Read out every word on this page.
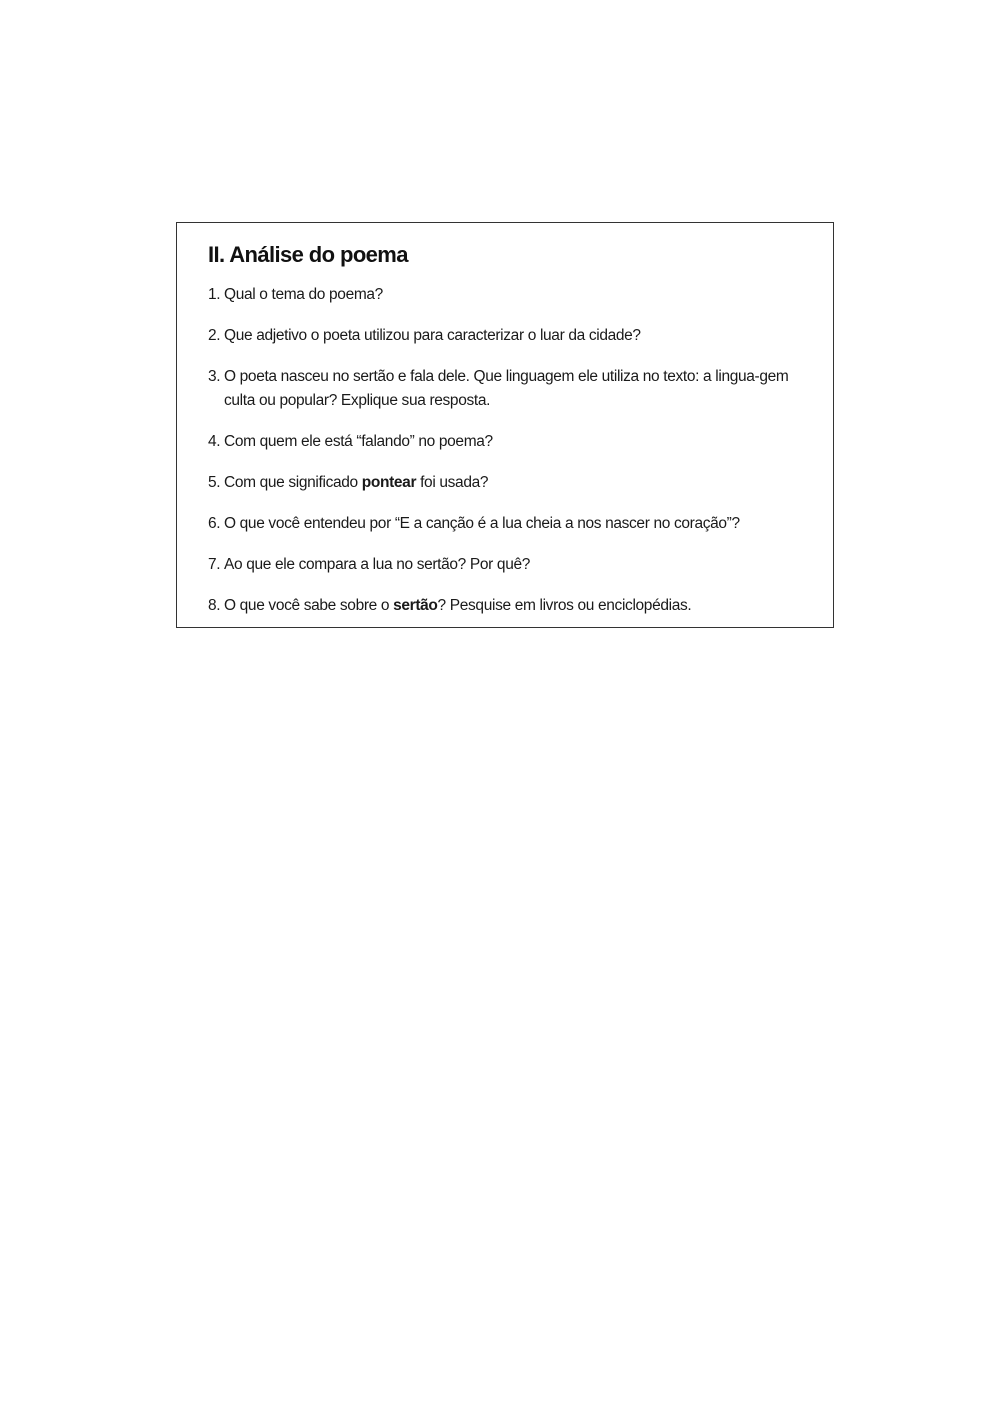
II. Análise do poema
1. Qual o tema do poema?
2. Que adjetivo o poeta utilizou para caracterizar o luar da cidade?
3. O poeta nasceu no sertão e fala dele. Que linguagem ele utiliza no texto: a lingua-gem culta ou popular? Explique sua resposta.
4. Com quem ele está “falando” no poema?
5. Com que significado pontear foi usada?
6. O que você entendeu por “E a canção é a lua cheia a nos nascer no coração”?
7. Ao que ele compara a lua no sertão? Por quê?
8. O que você sabe sobre o sertão? Pesquise em livros ou enciclopédias.
